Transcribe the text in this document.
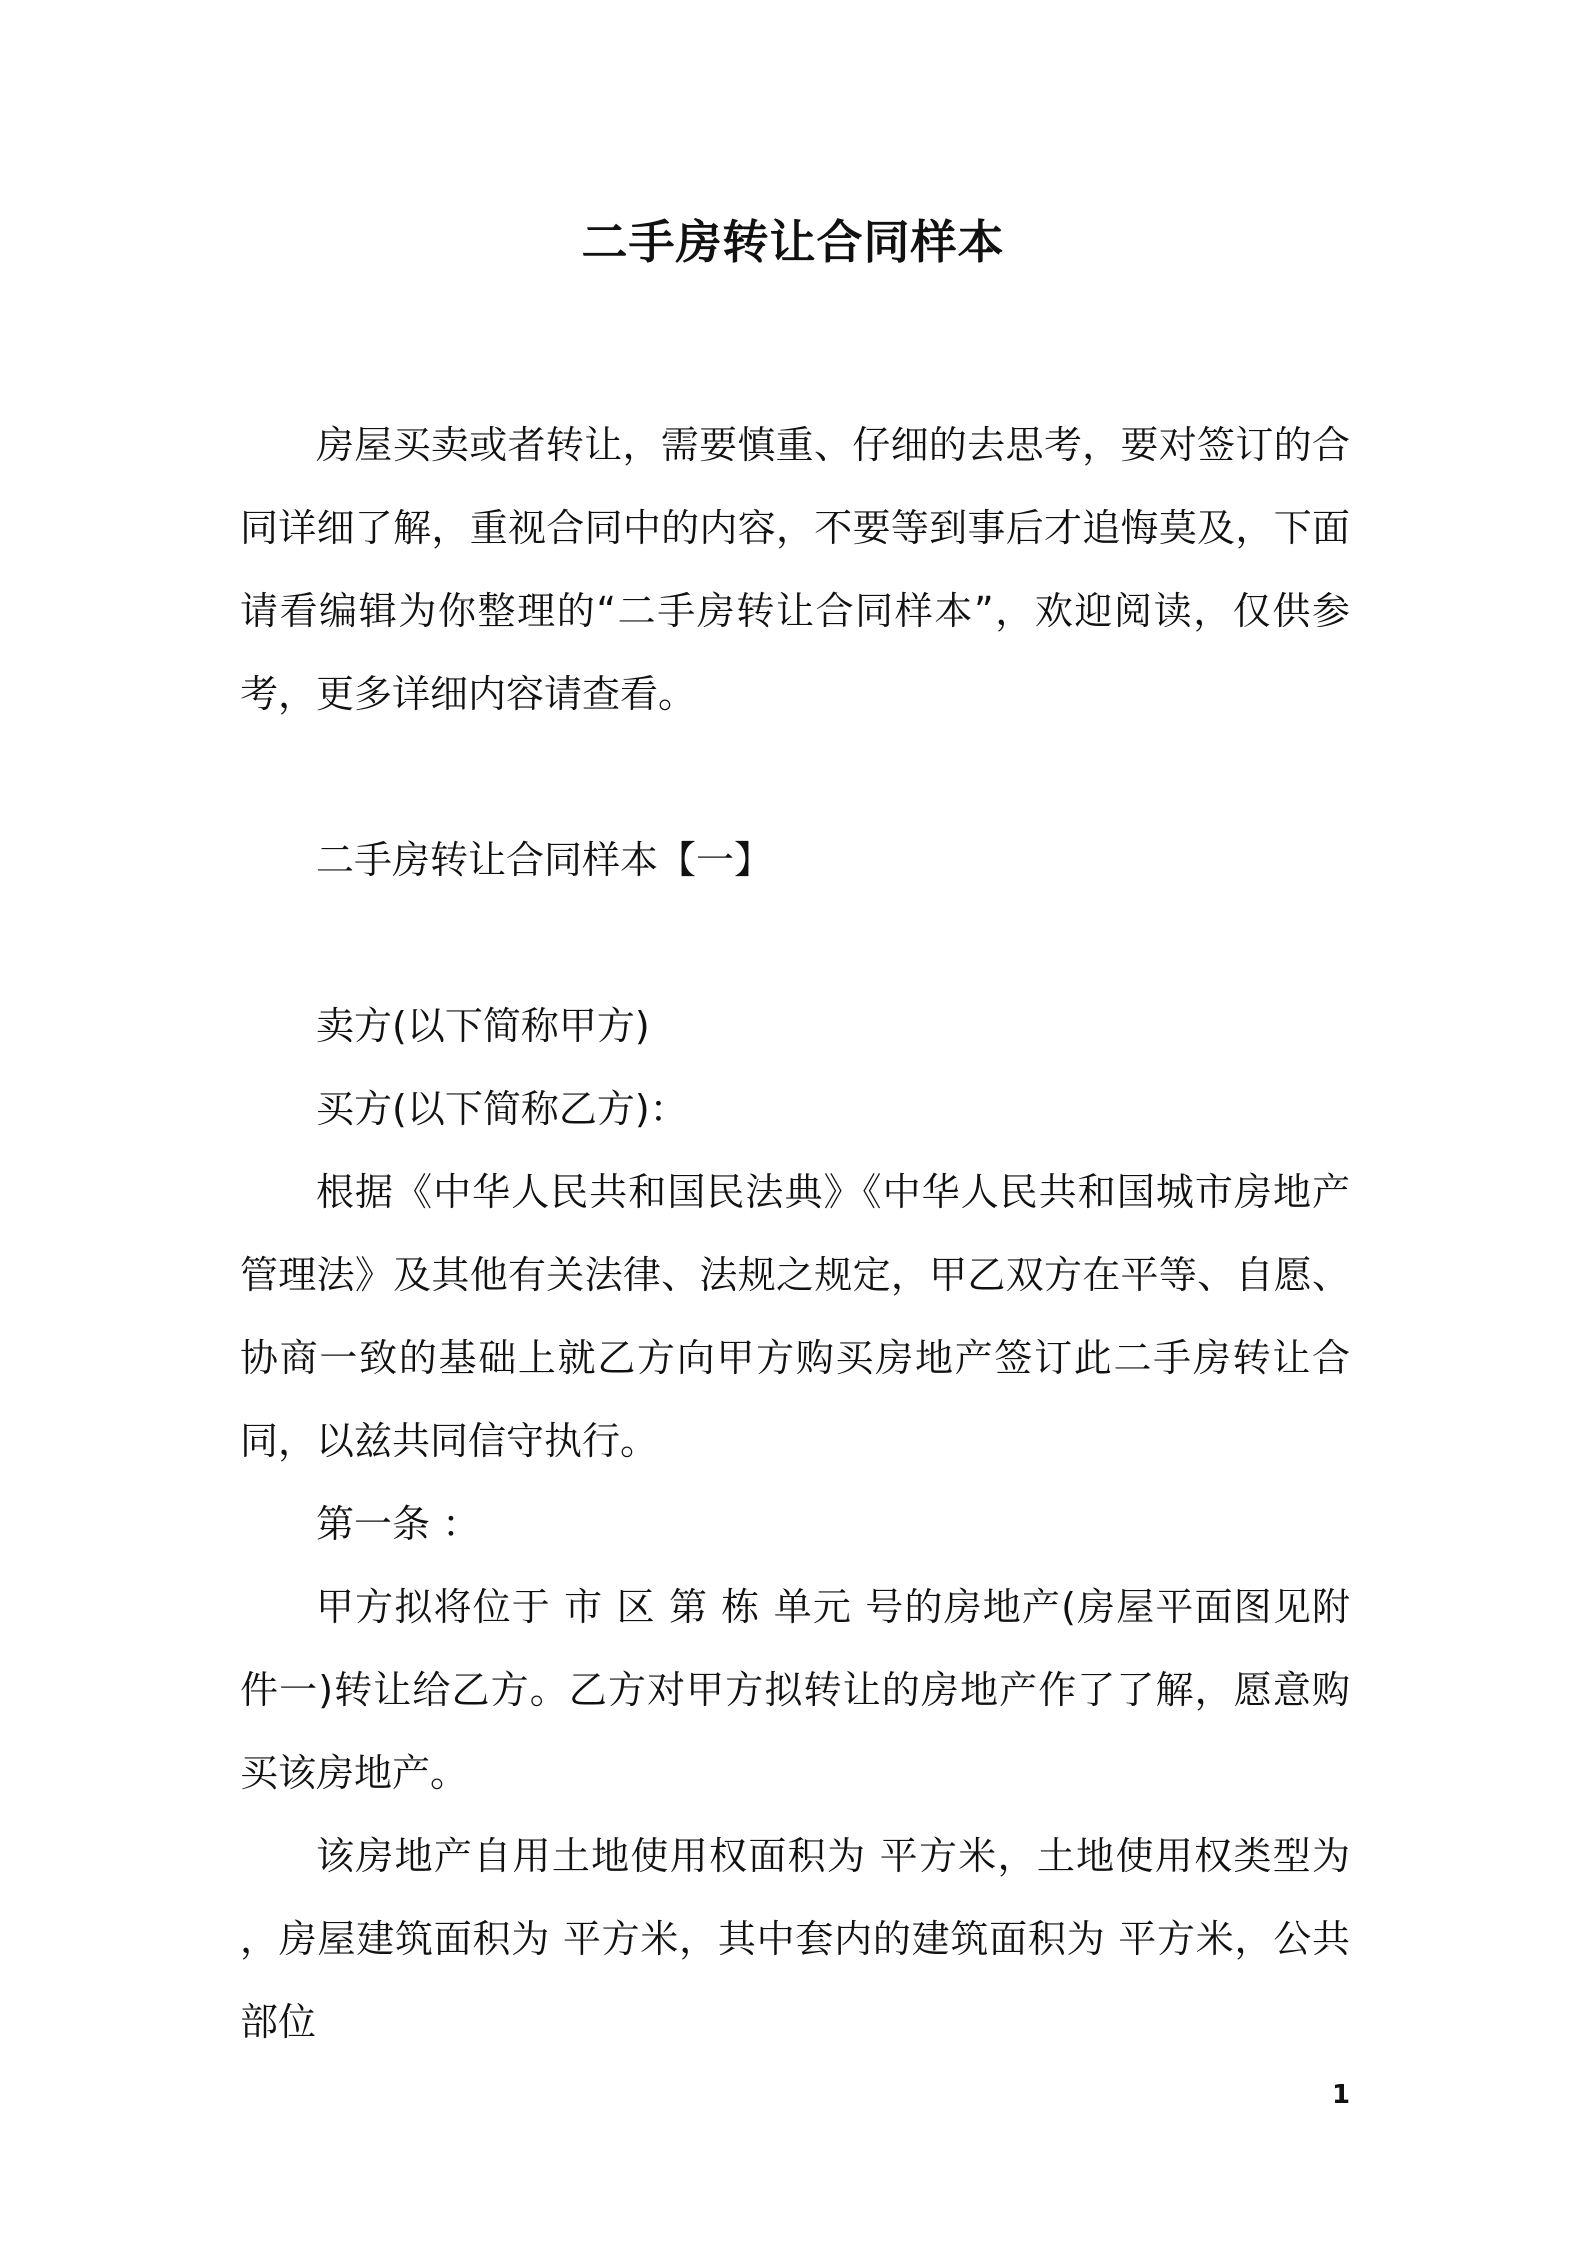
二手房转让合同样本

房屋买卖或者转让，需要慎重、仔细的去思考，要对签订的合同详细了解，重视合同中的内容，不要等到事后才追悔莫及，下面请看编辑为你整理的“二手房转让合同样本”，欢迎阅读，仅供参考，更多详细内容请查看。

二手房转让合同样本【一】

卖方(以下简称甲方)

买方(以下简称乙方)：

根据《中华人民共和国民法典》《中华人民共和国城市房地产管理法》及其他有关法律、法规之规定，甲乙双方在平等、自愿、协商一致的基础上就乙方向甲方购买房地产签订此二手房转让合同，以兹共同信守执行。

第一条 ：

甲方拟将位于 市 区 第 栋 单元 号的房地产(房屋平面图见附件一)转让给乙方。乙方对甲方拟转让的房地产作了了解，愿意购买该房地产。

该房地产自用土地使用权面积为 平方米，土地使用权类型为 ，房屋建筑面积为 平方米，其中套内的建筑面积为 平方米，公共部位

1
